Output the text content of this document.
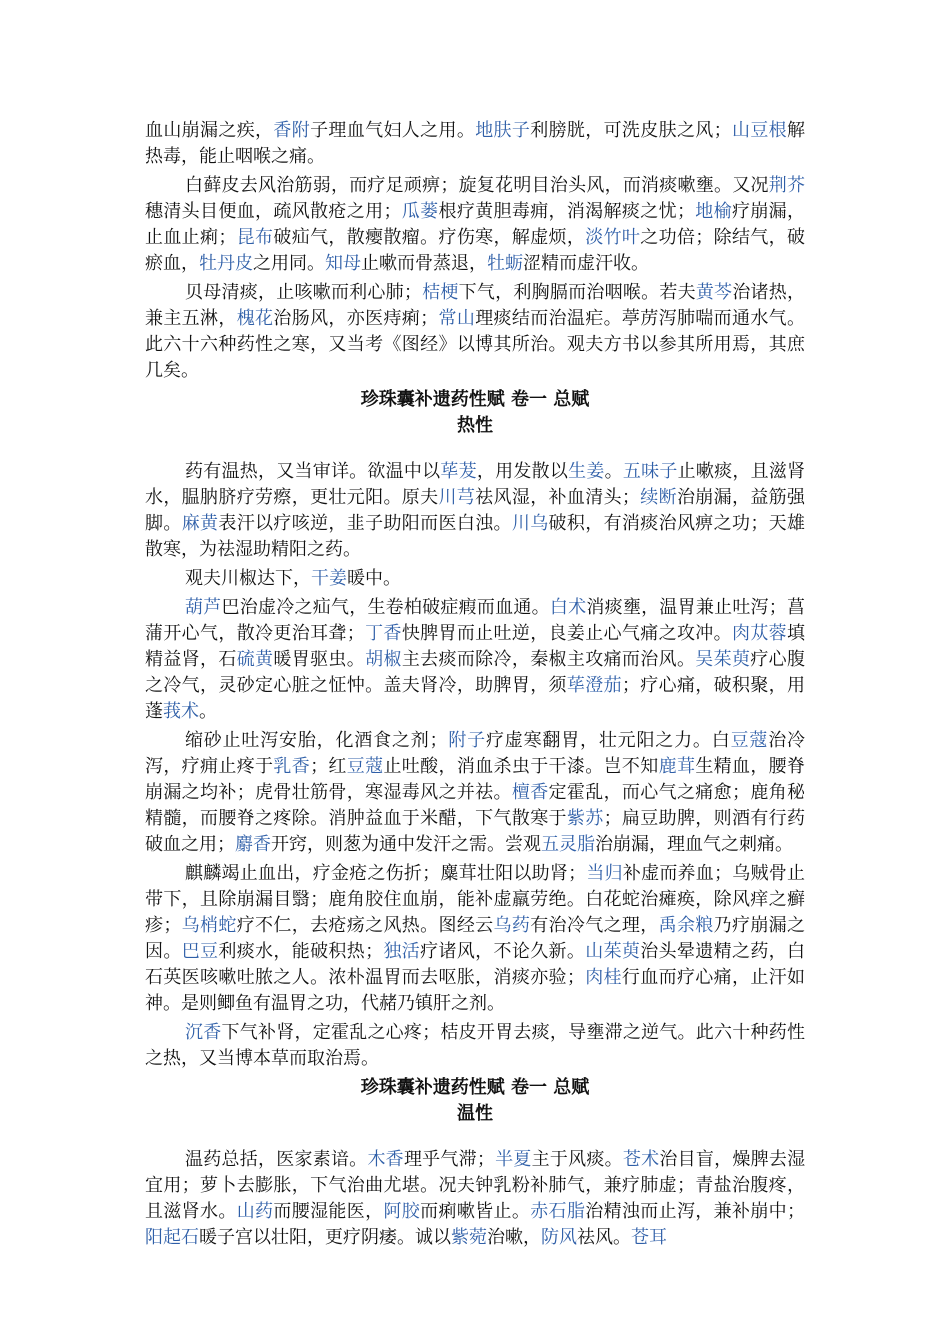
血山崩漏之疾，香附子理血气妇人之用。地肤子利膀胱，可洗皮肤之风；山豆根解热毒，能止咽喉之痛。

白藓皮去风治筋弱，而疗足顽痹；旋复花明目治头风，而消痰嗽壅。又况荆芥穗清头目便血，疏风散疮之用；瓜蒌根疗黄胆毒痈，消渴解痰之忧；地榆疗崩漏，止血止痢；昆布破疝气，散瘿散瘤。疗伤寒，解虚烦，淡竹叶之功倍；除结气，破瘀血，牡丹皮之用同。知母止嗽而骨蒸退，牡蛎涩精而虚汗收。

贝母清痰，止咳嗽而利心肺；桔梗下气，利胸膈而治咽喉。若夫黄芩治诸热，兼主五淋，槐花治肠风，亦医痔痢；常山理痰结而治温疟。葶苈泻肺喘而通水气。此六十六种药性之寒，又当考《图经》以博其所治。观夫方书以参其所用焉，其庶几矣。

珍珠囊补遗药性赋 卷一 总赋
热性

药有温热，又当审详。欲温中以荜茇，用发散以生姜。五味子止嗽痰，且滋肾水，腽肭脐疗劳瘵，更壮元阳。原夫川芎祛风湿，补血清头；续断治崩漏，益筋强脚。麻黄表汗以疗咳逆，韭子助阳而医白浊。川乌破积，有消痰治风痹之功；天雄散寒，为祛湿助精阳之药。

观夫川椒达下，干姜暖中。

葫芦巴治虚冷之疝气，生卷柏破症瘕而血通。白术消痰壅，温胃兼止吐泻；菖蒲开心气，散冷更治耳聋；丁香快脾胃而止吐逆，良姜止心气痛之攻冲。肉苁蓉填精益肾，石硫黄暖胃驱虫。胡椒主去痰而除冷，秦椒主攻痛而治风。吴茱萸疗心腹之冷气，灵砂定心脏之怔忡。盖夫肾冷，助脾胃，须荜澄茄；疗心痛，破积聚，用蓬莪术。

缩砂止吐泻安胎，化酒食之剂；附子疗虚寒翻胃，壮元阳之力。白豆蔻治冷泻，疗痈止疼于乳香；红豆蔻止吐酸，消血杀虫于干漆。岂不知鹿茸生精血，腰脊崩漏之均补；虎骨壮筋骨，寒湿毒风之并祛。檀香定霍乱，而心气之痛愈；鹿角秘精髓，而腰脊之疼除。消肿益血于米醋，下气散寒于紫苏；扁豆助脾，则酒有行药破血之用；麝香开窍，则葱为通中发汗之需。尝观五灵脂治崩漏，理血气之刺痛。

麒麟竭止血出，疗金疮之伤折；麋茸壮阳以助肾；当归补虚而养血；乌贼骨止带下，且除崩漏目翳；鹿角胶住血崩，能补虚羸劳绝。白花蛇治瘫痪，除风痒之癣疹；乌梢蛇疗不仁，去疮疡之风热。图经云乌药有治冷气之理，禹余粮乃疗崩漏之因。巴豆利痰水，能破积热；独活疗诸风，不论久新。山茱萸治头晕遗精之药，白石英医咳嗽吐脓之人。浓朴温胃而去呕胀，消痰亦验；肉桂行血而疗心痛，止汗如神。是则鲫鱼有温胃之功，代赭乃镇肝之剂。

沉香下气补肾，定霍乱之心疼；桔皮开胃去痰，导壅滞之逆气。此六十种药性之热，又当博本草而取治焉。

珍珠囊补遗药性赋 卷一 总赋
温性

温药总括，医家素谙。木香理乎气滞；半夏主于风痰。苍术治目盲，燥脾去湿宜用；萝卜去膨胀，下气治曲尤堪。况夫钟乳粉补肺气，兼疗肺虚；青盐治腹疼，且滋肾水。山药而腰湿能医，阿胶而痢嗽皆止。赤石脂治精浊而止泻，兼补崩中；阳起石暖子宫以壮阳，更疗阴痿。诚以紫菀治嗽，防风祛风。苍耳
